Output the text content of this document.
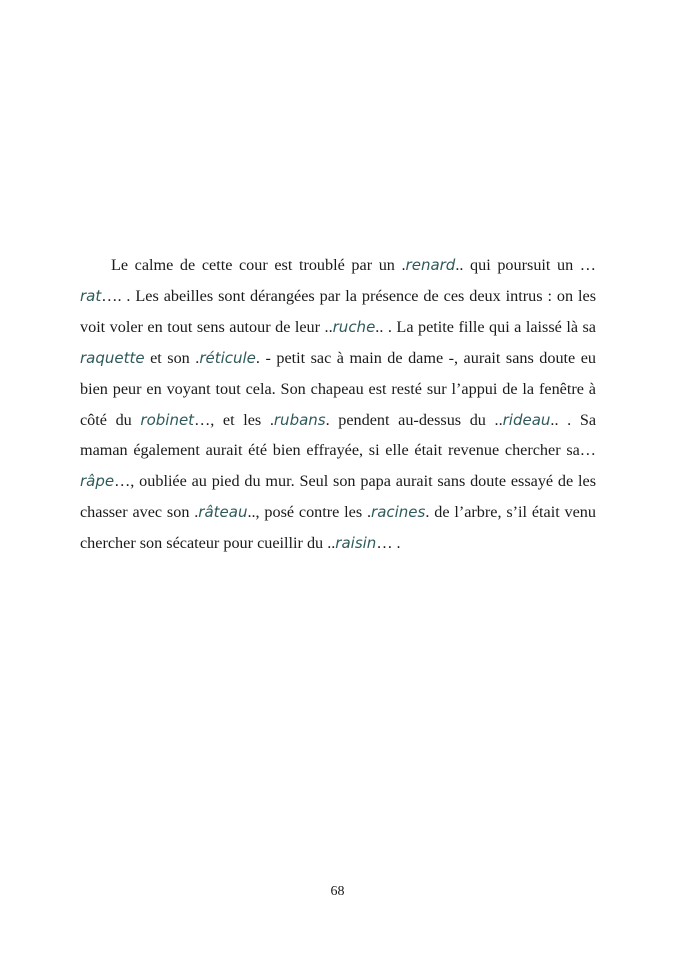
Le calme de cette cour est troublé par un .renard.. qui poursuit un …rat…. . Les abeilles sont dérangées par la présence de ces deux intrus : on les voit voler en tout sens autour de leur ..ruche.. . La petite fille qui a laissé là sa raquette et son .réticule. - petit sac à main de dame -, aurait sans doute eu bien peur en voyant tout cela. Son chapeau est resté sur l’appui de la fenêtre à côté du robinet…, et les .rubans. pendent au-dessus du ..rideau.. . Sa maman également aurait été bien effrayée, si elle était revenue chercher sa…râpe…, oubliée au pied du mur. Seul son papa aurait sans doute essayé de les chasser avec son .râteau.., posé contre les .racines. de l’arbre, s’il était venu chercher son sécateur pour cueillir du ..raisin… .

68
